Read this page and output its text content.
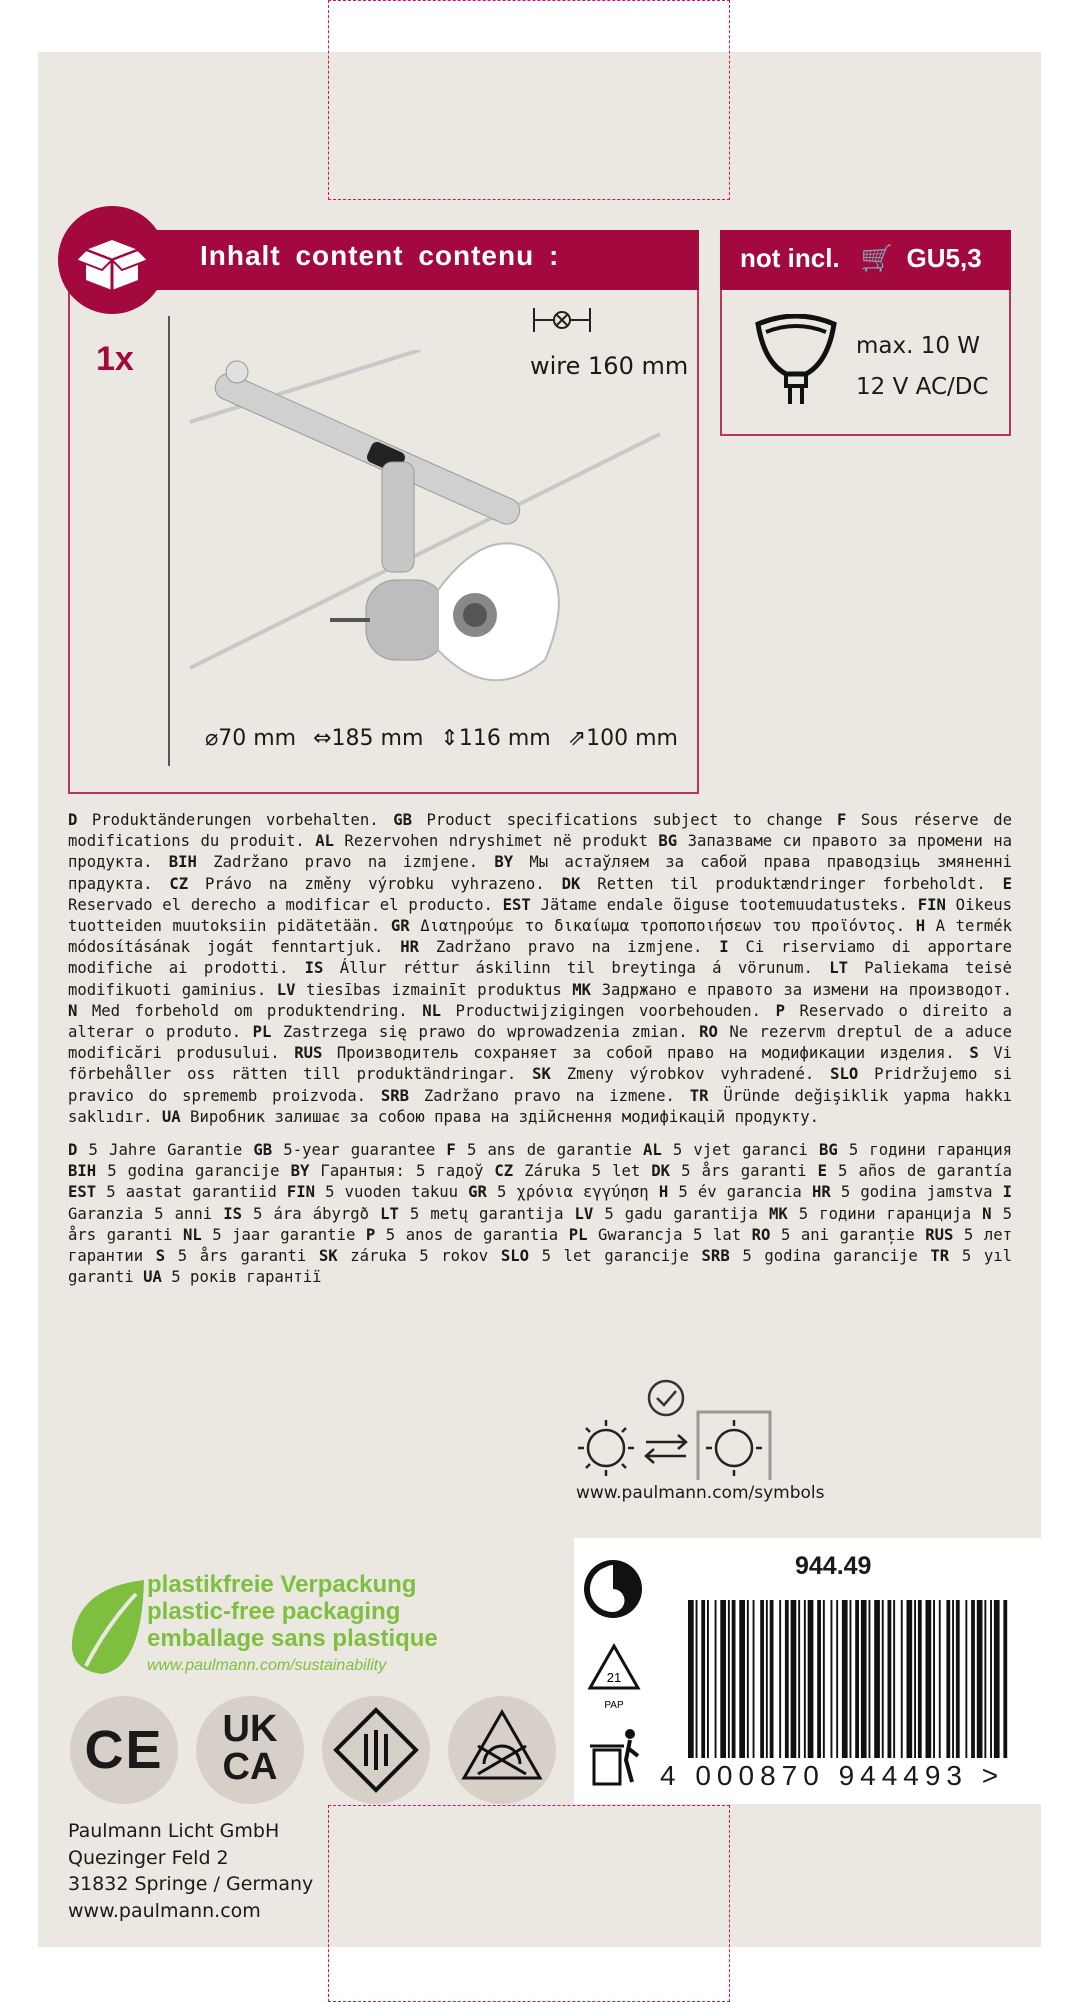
Inhalt content contenu :
1x	wire 160 mm
⌀70 mm ⇔185 mm ⇕116 mm ⇗100 mm
not incl. 🛒 GU5,3
max. 10 W
12 V AC/DC
D Produktänderungen vorbehalten. GB Product specifications subject to change F Sous réserve de modifications du produit. AL Rezervohen ndryshimet në produkt BG Запазваме си правото за промени на продукта. BIH Zadržano pravo na izmjene. BY Мы астаўляем за сабой права праводзіць змяненні прадукта. CZ Právo na změny výrobku vyhrazeno. DK Retten til produktændringer forbeholdt. E Reservado el derecho a modificar el producto. EST Jätame endale õiguse tootemuudatusteks. FIN Oikeus tuotteiden muutoksiin pidätetään. GR Διατηρούμε το δικαίωμα τροποποιήσεων του προϊόντος. H A termék módosításának jogát fenntartjuk. HR Zadržano pravo na izmjene. I Ci riserviamo di apportare modifiche ai prodotti. IS Állur réttur áskilinn til breytinga á vörunum. LT Paliekama teisė modifikuoti gaminius. LV tiesības izmainīt produktus MK Задржано е правото за измени на производот. N Med forbehold om produktendring. NL Productwijzigingen voorbehouden. P Reservado o direito a alterar o produto. PL Zastrzega się prawo do wprowadzenia zmian. RO Ne rezervm dreptul de a aduce modificări produsului. RUS Производитель сохраняет за собой право на модификации изделия. S Vi förbehåller oss rätten till produktändringar. SK Zmeny výrobkov vyhradené. SLO Pridržujemo si pravico do sprememb proizvoda. SRB Zadržano pravo na izmene. TR Üründe değişiklik yapma hakkı saklıdır. UA Виробник залишає за собою права на здійснення модифікацій продукту.
D 5 Jahre Garantie GB 5-year guarantee F 5 ans de garantie AL 5 vjet garanci BG 5 години гаранция BIH 5 godina garancije BY Гарантыя: 5 гадоў CZ Záruka 5 let DK 5 års garanti E 5 años de garantía EST 5 aastat garantiid FIN 5 vuoden takuu GR 5 χρόνια εγγύηση H 5 év garancia HR 5 godina jamstva I Garanzia 5 anni IS 5 ára ábyrgð LT 5 metų garantija LV 5 gadu garantija MK 5 години гаранција N 5 års garanti NL 5 jaar garantie P 5 anos de garantia PL Gwarancja 5 lat RO 5 ani garanție RUS 5 лет гарантии S 5 års garanti SK záruka 5 rokov SLO 5 let garancije SRB 5 godina garancije TR 5 yıl garanti UA 5 років гарантії
www.paulmann.com/symbols
944.49
21
PAP
4 000870 944493 >
plastikfreie Verpackung
plastic-free packaging
emballage sans plastique
www.paulmann.com/sustainability
CE	UK CA
Paulmann Licht GmbH
Quezinger Feld 2
31832 Springe / Germany
www.paulmann.com
